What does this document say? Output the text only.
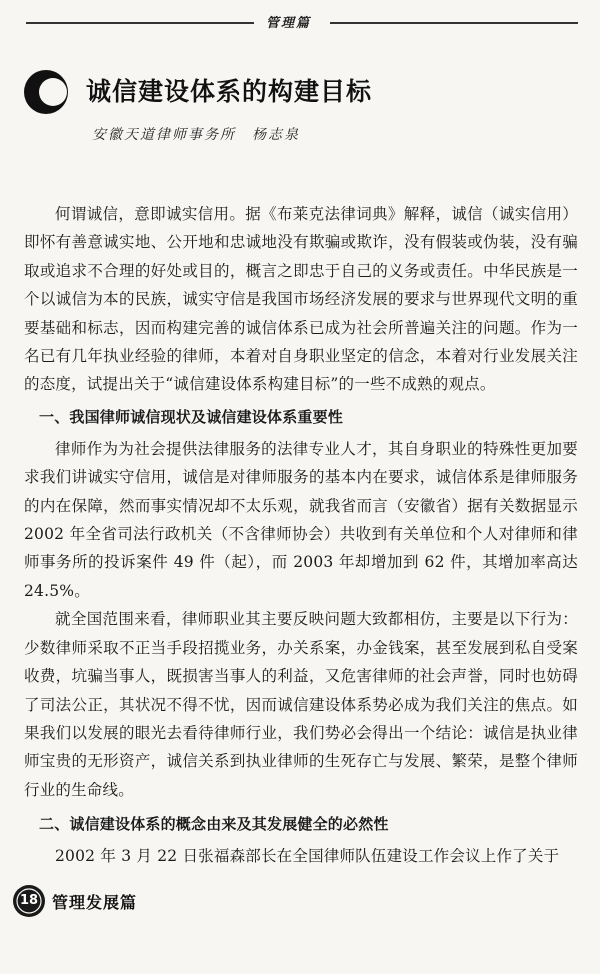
管理篇
诚信建设体系的构建目标
安徽天道律师事务所　杨志泉

何谓诚信，意即诚实信用。据《布莱克法律词典》解释，诚信（诚实信用）即怀有善意诚实地、公开地和忠诚地没有欺骗或欺诈，没有假装或伪装，没有骗取或追求不合理的好处或目的，概言之即忠于自己的义务或责任。中华民族是一个以诚信为本的民族，诚实守信是我国市场经济发展的要求与世界现代文明的重要基础和标志，因而构建完善的诚信体系已成为社会所普遍关注的问题。作为一名已有几年执业经验的律师，本着对自身职业坚定的信念，本着对行业发展关注的态度，试提出关于“诚信建设体系构建目标”的一些不成熟的观点。

一、我国律师诚信现状及诚信建设体系重要性

律师作为为社会提供法律服务的法律专业人才，其自身职业的特殊性更加要求我们讲诚实守信用，诚信是对律师服务的基本内在要求，诚信体系是律师服务的内在保障，然而事实情况却不太乐观，就我省而言（安徽省）据有关数据显示 2002 年全省司法行政机关（不含律师协会）共收到有关单位和个人对律师和律师事务所的投诉案件 49 件（起），而 2003 年却增加到 62 件，其增加率高达 24.5%。

就全国范围来看，律师职业其主要反映问题大致都相仿，主要是以下行为：少数律师采取不正当手段招揽业务，办关系案，办金钱案，甚至发展到私自受案收费，坑骗当事人，既损害当事人的利益，又危害律师的社会声誉，同时也妨碍了司法公正，其状况不得不忧，因而诚信建设体系势必成为我们关注的焦点。如果我们以发展的眼光去看待律师行业，我们势必会得出一个结论：诚信是执业律师宝贵的无形资产，诚信关系到执业律师的生死存亡与发展、繁荣，是整个律师行业的生命线。

二、诚信建设体系的概念由来及其发展健全的必然性

2002 年 3 月 22 日张福森部长在全国律师队伍建设工作会议上作了关于

18 管理发展篇
